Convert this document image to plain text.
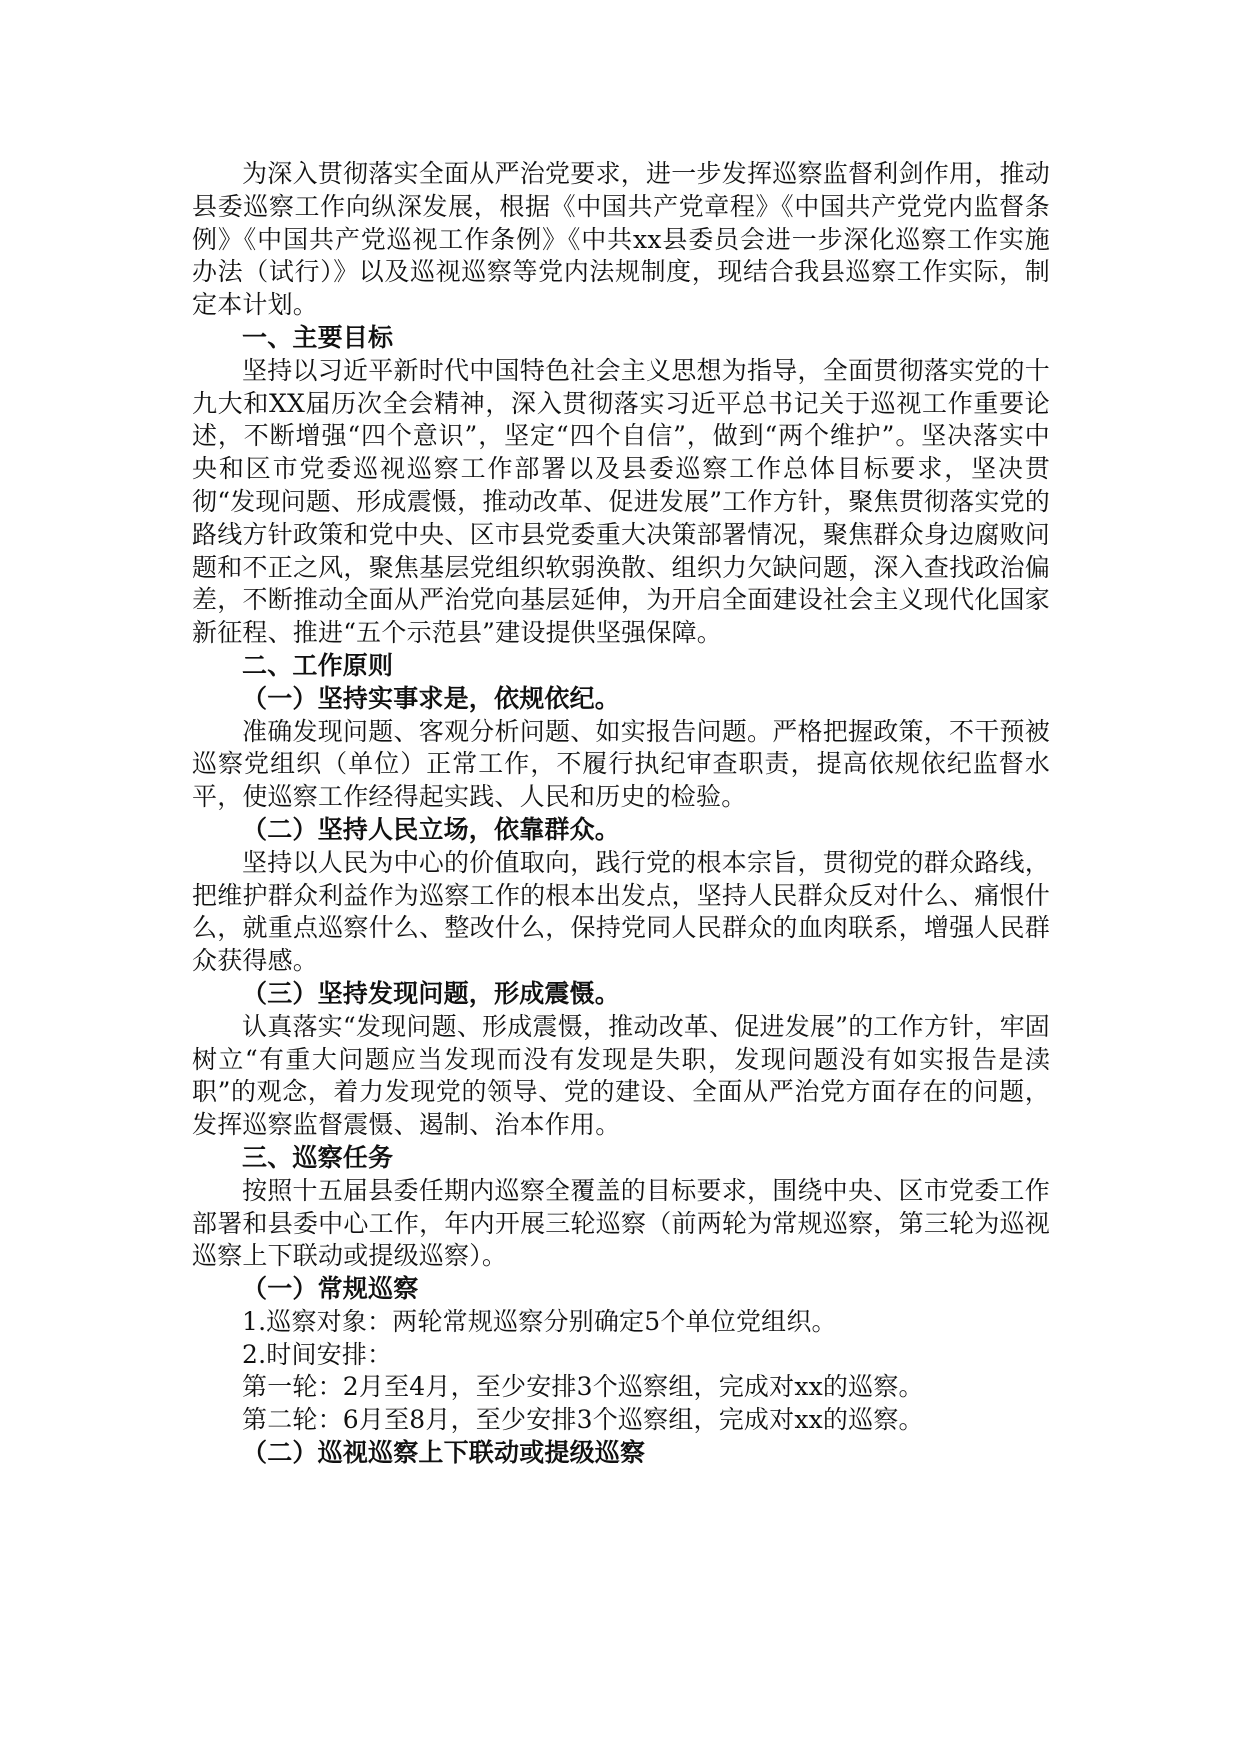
为深入贯彻落实全面从严治党要求，进一步发挥巡察监督利剑作用，推动县委巡察工作向纵深发展，根据《中国共产党章程》《中国共产党党内监督条例》《中国共产党巡视工作条例》《中共xx县委员会进一步深化巡察工作实施办法（试行）》以及巡视巡察等党内法规制度，现结合我县巡察工作实际，制定本计划。

一、主要目标

坚持以习近平新时代中国特色社会主义思想为指导，全面贯彻落实党的十九大和XX届历次全会精神，深入贯彻落实习近平总书记关于巡视工作重要论述，不断增强“四个意识”，坚定“四个自信”，做到“两个维护”。坚决落实中央和区市党委巡视巡察工作部署以及县委巡察工作总体目标要求，坚决贯彻“发现问题、形成震慑，推动改革、促进发展”工作方针，聚焦贯彻落实党的路线方针政策和党中央、区市县党委重大决策部署情况，聚焦群众身边腐败问题和不正之风，聚焦基层党组织软弱涣散、组织力欠缺问题，深入查找政治偏差，不断推动全面从严治党向基层延伸，为开启全面建设社会主义现代化国家新征程、推进“五个示范县”建设提供坚强保障。

二、工作原则

（一）坚持实事求是，依规依纪。

准确发现问题、客观分析问题、如实报告问题。严格把握政策，不干预被巡察党组织（单位）正常工作，不履行执纪审查职责，提高依规依纪监督水平，使巡察工作经得起实践、人民和历史的检验。

（二）坚持人民立场，依靠群众。

坚持以人民为中心的价值取向，践行党的根本宗旨，贯彻党的群众路线，把维护群众利益作为巡察工作的根本出发点，坚持人民群众反对什么、痛恨什么，就重点巡察什么、整改什么，保持党同人民群众的血肉联系，增强人民群众获得感。

（三）坚持发现问题，形成震慑。

认真落实“发现问题、形成震慑，推动改革、促进发展”的工作方针，牢固树立“有重大问题应当发现而没有发现是失职，发现问题没有如实报告是渎职”的观念，着力发现党的领导、党的建设、全面从严治党方面存在的问题，发挥巡察监督震慑、遏制、治本作用。

三、巡察任务

按照十五届县委任期内巡察全覆盖的目标要求，围绕中央、区市党委工作部署和县委中心工作，年内开展三轮巡察（前两轮为常规巡察，第三轮为巡视巡察上下联动或提级巡察）。

（一）常规巡察

1.巡察对象：两轮常规巡察分别确定5个单位党组织。

2.时间安排：

第一轮：2月至4月，至少安排3个巡察组，完成对xx的巡察。

第二轮：6月至8月，至少安排3个巡察组，完成对xx的巡察。

（二）巡视巡察上下联动或提级巡察
